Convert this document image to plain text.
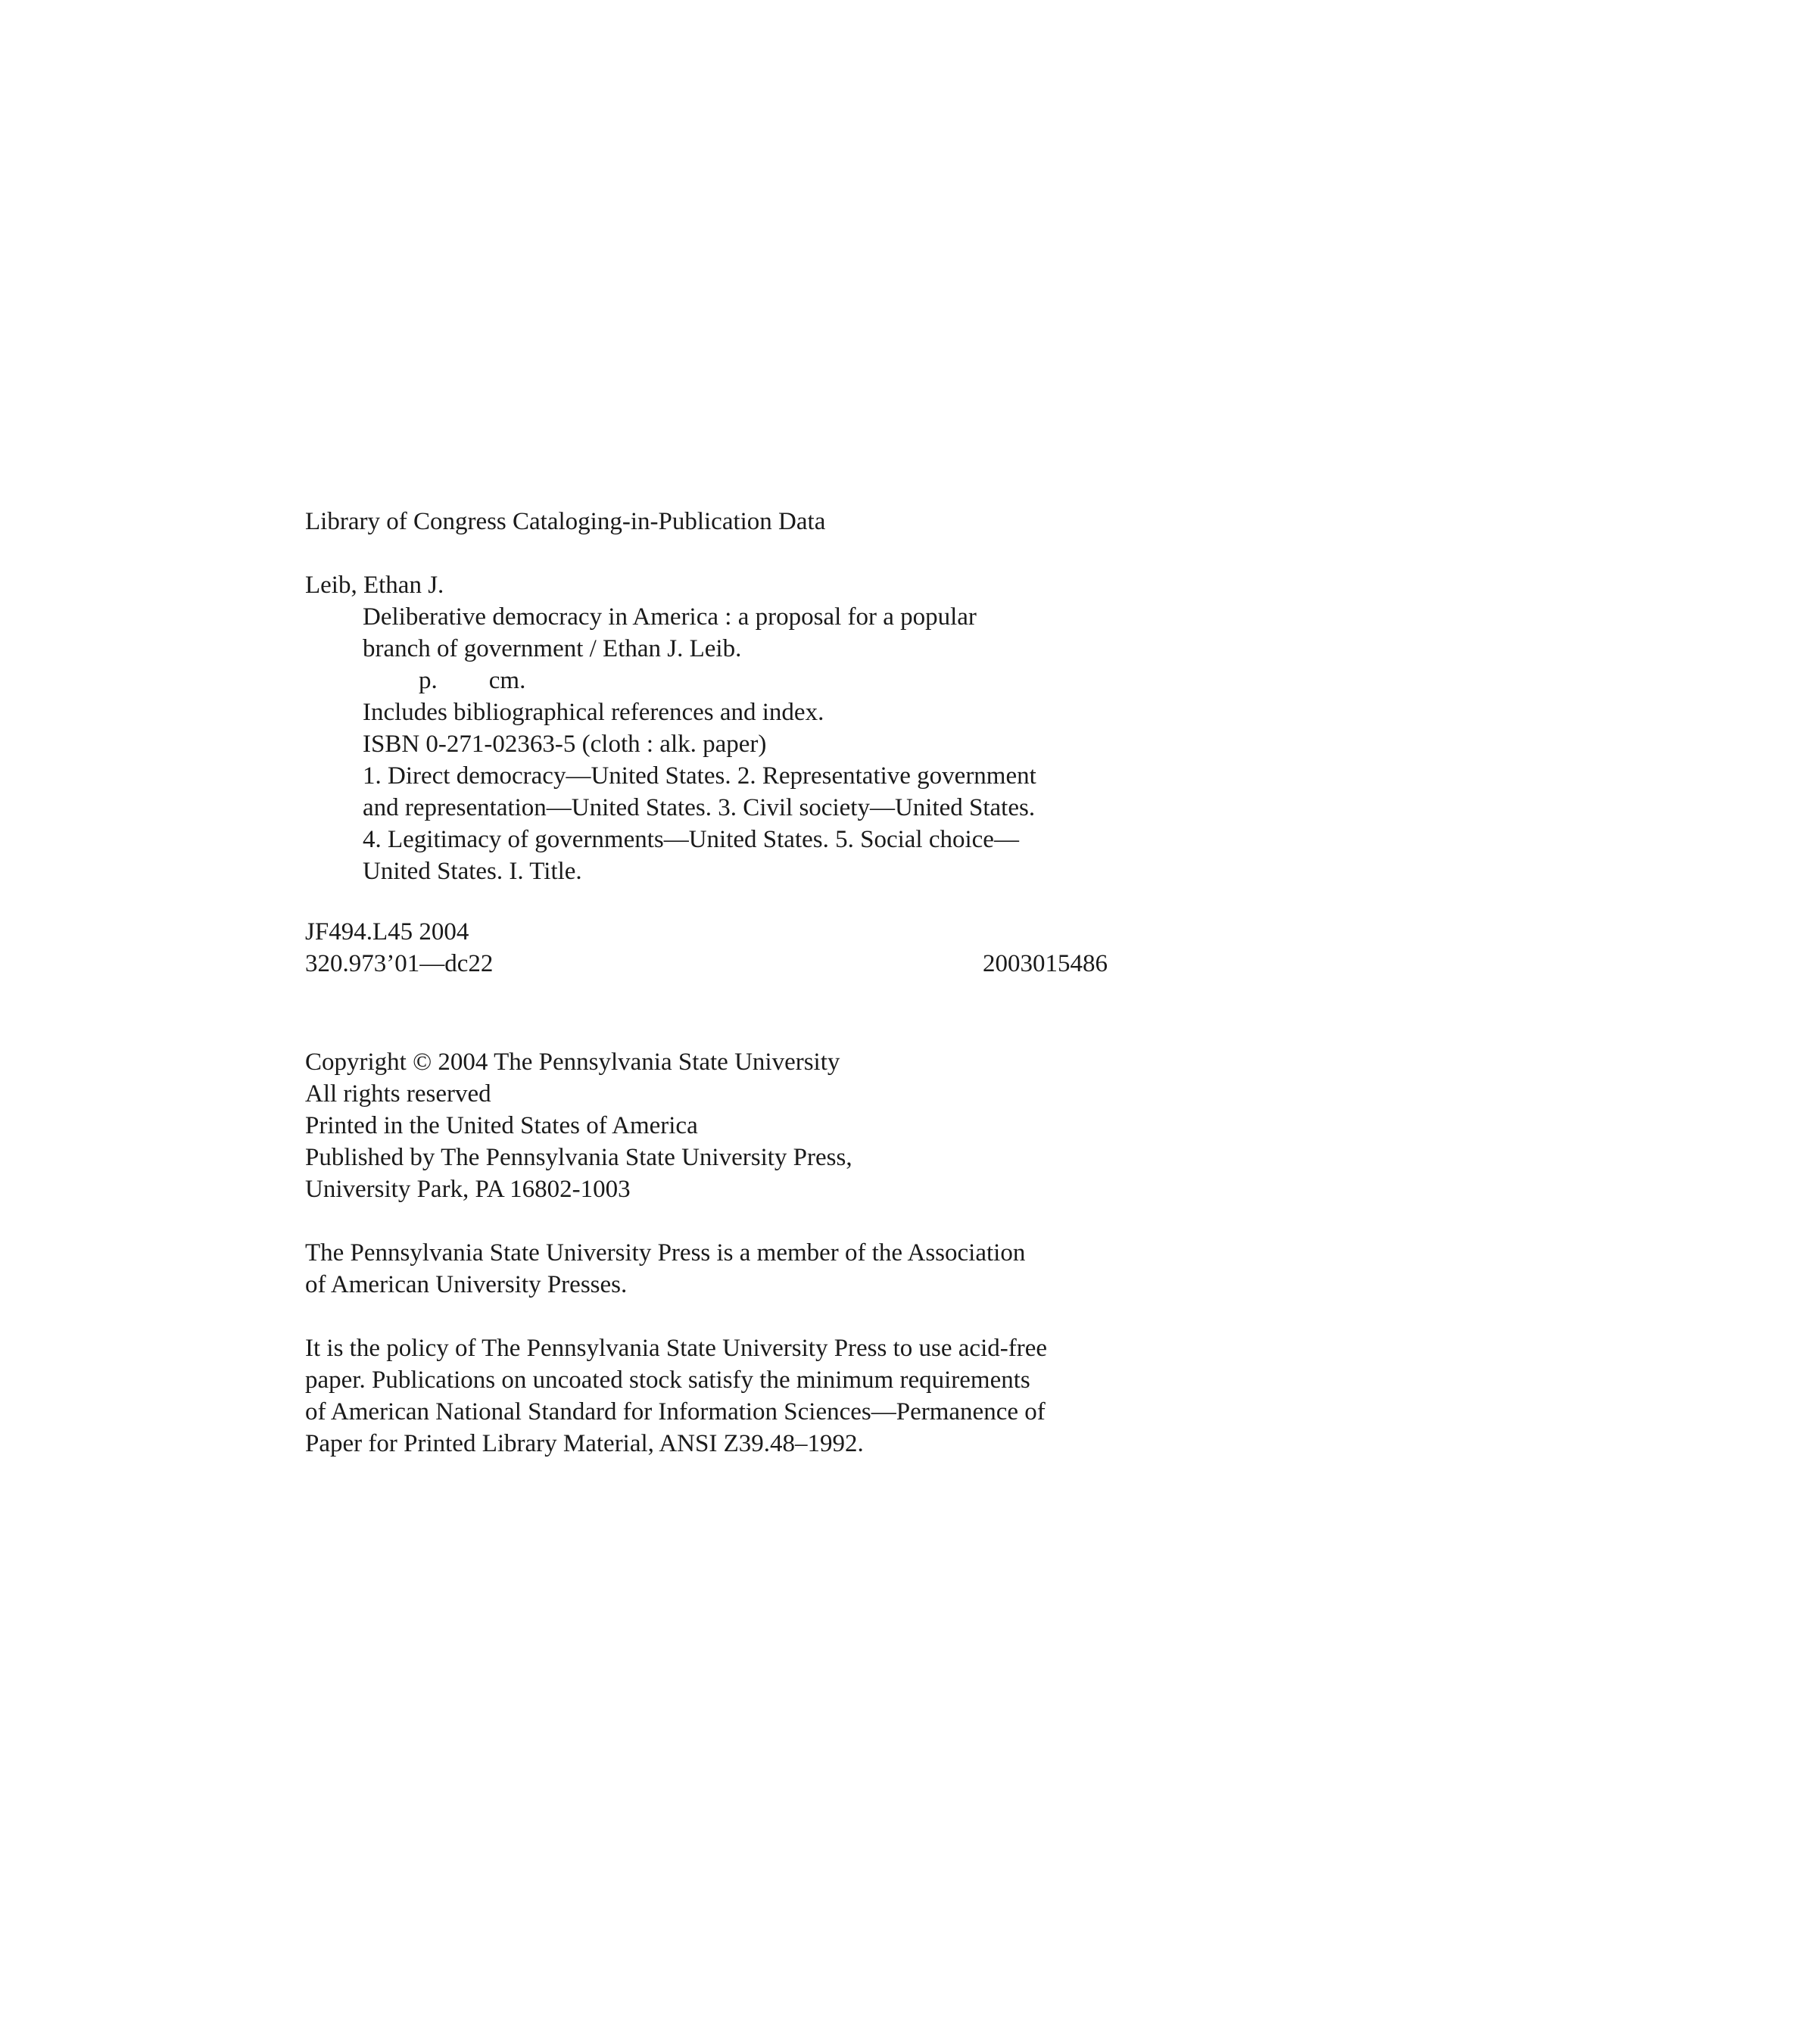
Library of Congress Cataloging-in-Publication Data
Leib, Ethan J.
Deliberative democracy in America : a proposal for a popular
branch of government / Ethan J. Leib.
p. cm.
Includes bibliographical references and index.
ISBN 0-271-02363-5 (cloth : alk. paper)
1. Direct democracy—United States. 2. Representative government
and representation—United States. 3. Civil society—United States.
4. Legitimacy of governments—United States. 5. Social choice—
United States. I. Title.
JF494.L45 2004
320.973’01—dc22	2003015486
Copyright © 2004 The Pennsylvania State University
All rights reserved
Printed in the United States of America
Published by The Pennsylvania State University Press,
University Park, PA 16802-1003
The Pennsylvania State University Press is a member of the Association
of American University Presses.
It is the policy of The Pennsylvania State University Press to use acid-free
paper. Publications on uncoated stock satisfy the minimum requirements
of American National Standard for Information Sciences—Permanence of
Paper for Printed Library Material, ANSI Z39.48–1992.
